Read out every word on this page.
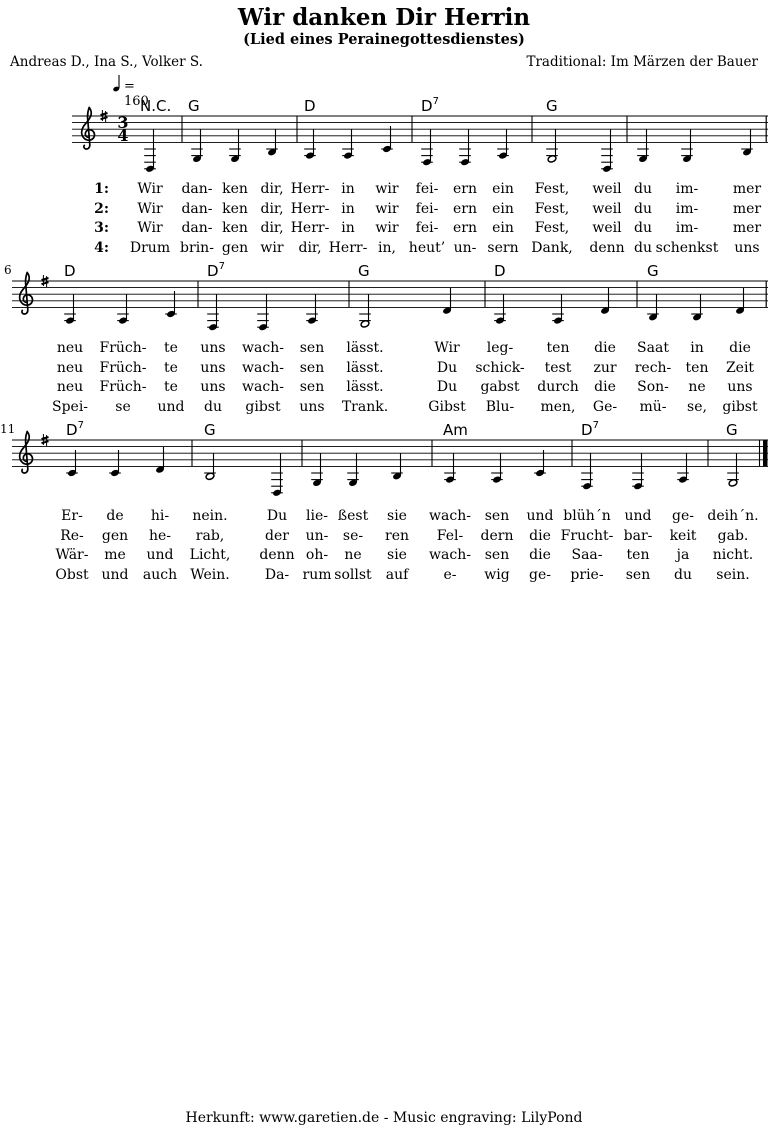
Wir danken Dir Herrin
(Lied eines Perainegottesdienstes)
Andreas D., Ina S., Volker S.	Traditional: Im Märzen der Bauer
= 160
3
4
N.C. G	D	$D^7$	G
6	D	$D^7$	G	D	G
11	$D^7$	G	Am	$D^7$	G
1: Wir dan- ken dir, Herr- in wir fei- ern ein Fest, weil du im- mer
2: Wir dan- ken dir, Herr- in wir fei- ern ein Fest, weil du im- mer
3: Wir dan- ken dir, Herr- in wir fei- ern ein Fest, weil du im- mer
4: Drum brin- gen wir dir, Herr- in, heut’ un- sern Dank, denn du schenkst uns
neu Früch- te uns wach- sen lässt.	Wir leg- ten die Saat in die
neu Früch- te uns wach- sen lässt.	Du schick- test zur rech- ten Zeit
neu Früch- te uns wach- sen lässt.	Du gabst durch die Son- ne uns
Spei- se und du gibst uns Trank.	Gibst Blu- men, Ge- mü- se, gibst
Er- de hi- nein.	Du lie- ßest sie wach- sen und blüh´n und ge- deih´n.
Re- gen he- rab,	der un- se- ren Fel- dern die Frucht- bar- keit gab.
Wär- me und Licht, denn oh- ne sie wach- sen die Saa- ten ja nicht.
Obst und auch Wein.	Da- rum sollst auf	e- wig ge- prie- sen du sein.
Herkunft: www.garetien.de - Music engraving: LilyPond
